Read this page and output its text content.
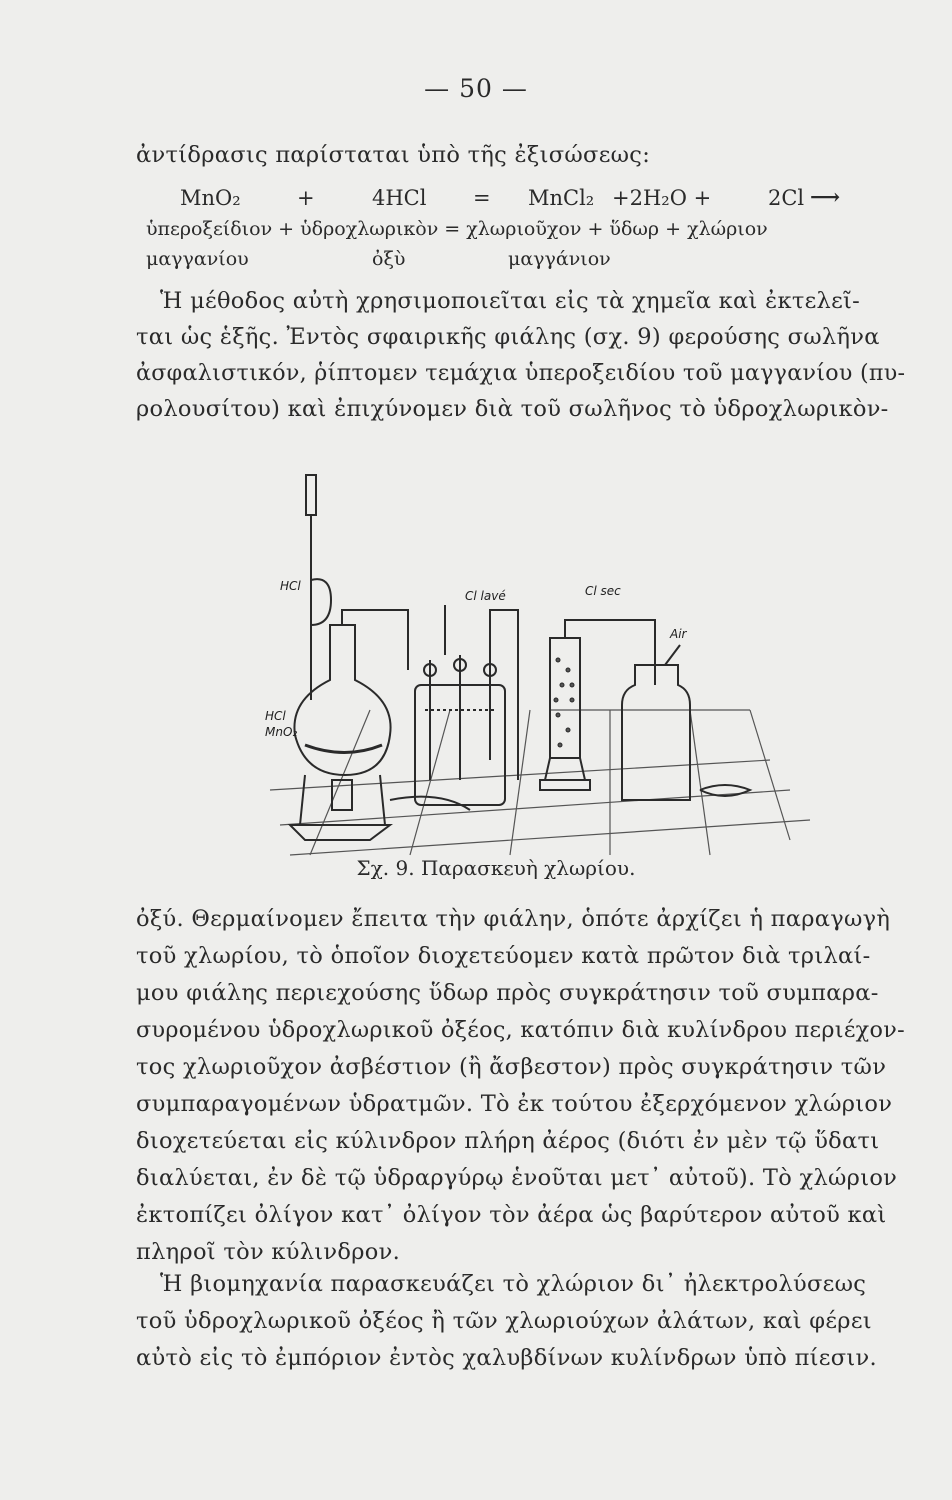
— 50 —
ἀντίδρασις παρίσταται ὑπὸ τῆς ἐξισώσεως:
MnO₂	+	4HCl = MnCl₂ +2H₂O +	2Cl ⟶
ὑπεροξείδιον + ὑδροχλωρικὸν = χλωριοῦχον + ὕδωρ + χλώριον
μαγγανίου	ὀξὺ	μαγγάνιον
Ἡ μέθοδος αὐτὴ χρησιμοποιεῖται εἰς τὰ χημεῖα καὶ ἐκτελεῖ-
ται ὡς ἑξῆς. Ἐντὸς σφαιρικῆς φιάλης (σχ. 9) φερούσης σωλῆνα
ἀσφαλιστικόν, ῥίπτομεν τεμάχια ὑπεροξειδίου τοῦ μαγγανίου (πυ-
ρολουσίτου) καὶ ἐπιχύνομεν διὰ τοῦ σωλῆνος τὸ ὑδροχλωρικὸν-
HCl
Cl lavé	Cl sec
Air
HCl
MnO₂
Σχ. 9. Παρασκευὴ χλωρίου.
ὀξύ. Θερμαίνομεν ἔπειτα τὴν φιάλην, ὁπότε ἀρχίζει ἡ παραγωγὴ
τοῦ χλωρίου, τὸ ὁποῖον διοχετεύομεν κατὰ πρῶτον διὰ τριλαί-
μου φιάλης περιεχούσης ὕδωρ πρὸς συγκράτησιν τοῦ συμπαρα-
συρομένου ὑδροχλωρικοῦ ὀξέος, κατόπιν διὰ κυλίνδρου περιέχον-
τος χλωριοῦχον ἀσβέστιον (ἢ ἄσβεστον) πρὸς συγκράτησιν τῶν
συμπαραγομένων ὑδρατμῶν. Τὸ ἐκ τούτου ἐξερχόμενον χλώριον
διοχετεύεται εἰς κύλινδρον πλήρη ἀέρος (διότι ἐν μὲν τῷ ὕδατι
διαλύεται, ἐν δὲ τῷ ὑδραργύρῳ ἑνοῦται μετ᾽ αὐτοῦ). Τὸ χλώριον
ἐκτοπίζει ὀλίγον κατ᾽ ὀλίγον τὸν ἀέρα ὡς βαρύτερον αὐτοῦ καὶ
πληροῖ τὸν κύλινδρον.
Ἡ βιομηχανία παρασκευάζει τὸ χλώριον δι᾽ ἠλεκτρολύσεως
τοῦ ὑδροχλωρικοῦ ὀξέος ἢ τῶν χλωριούχων ἀλάτων, καὶ φέρει
αὐτὸ εἰς τὸ ἐμπόριον ἐντὸς χαλυβδίνων κυλίνδρων ὑπὸ πίεσιν.
